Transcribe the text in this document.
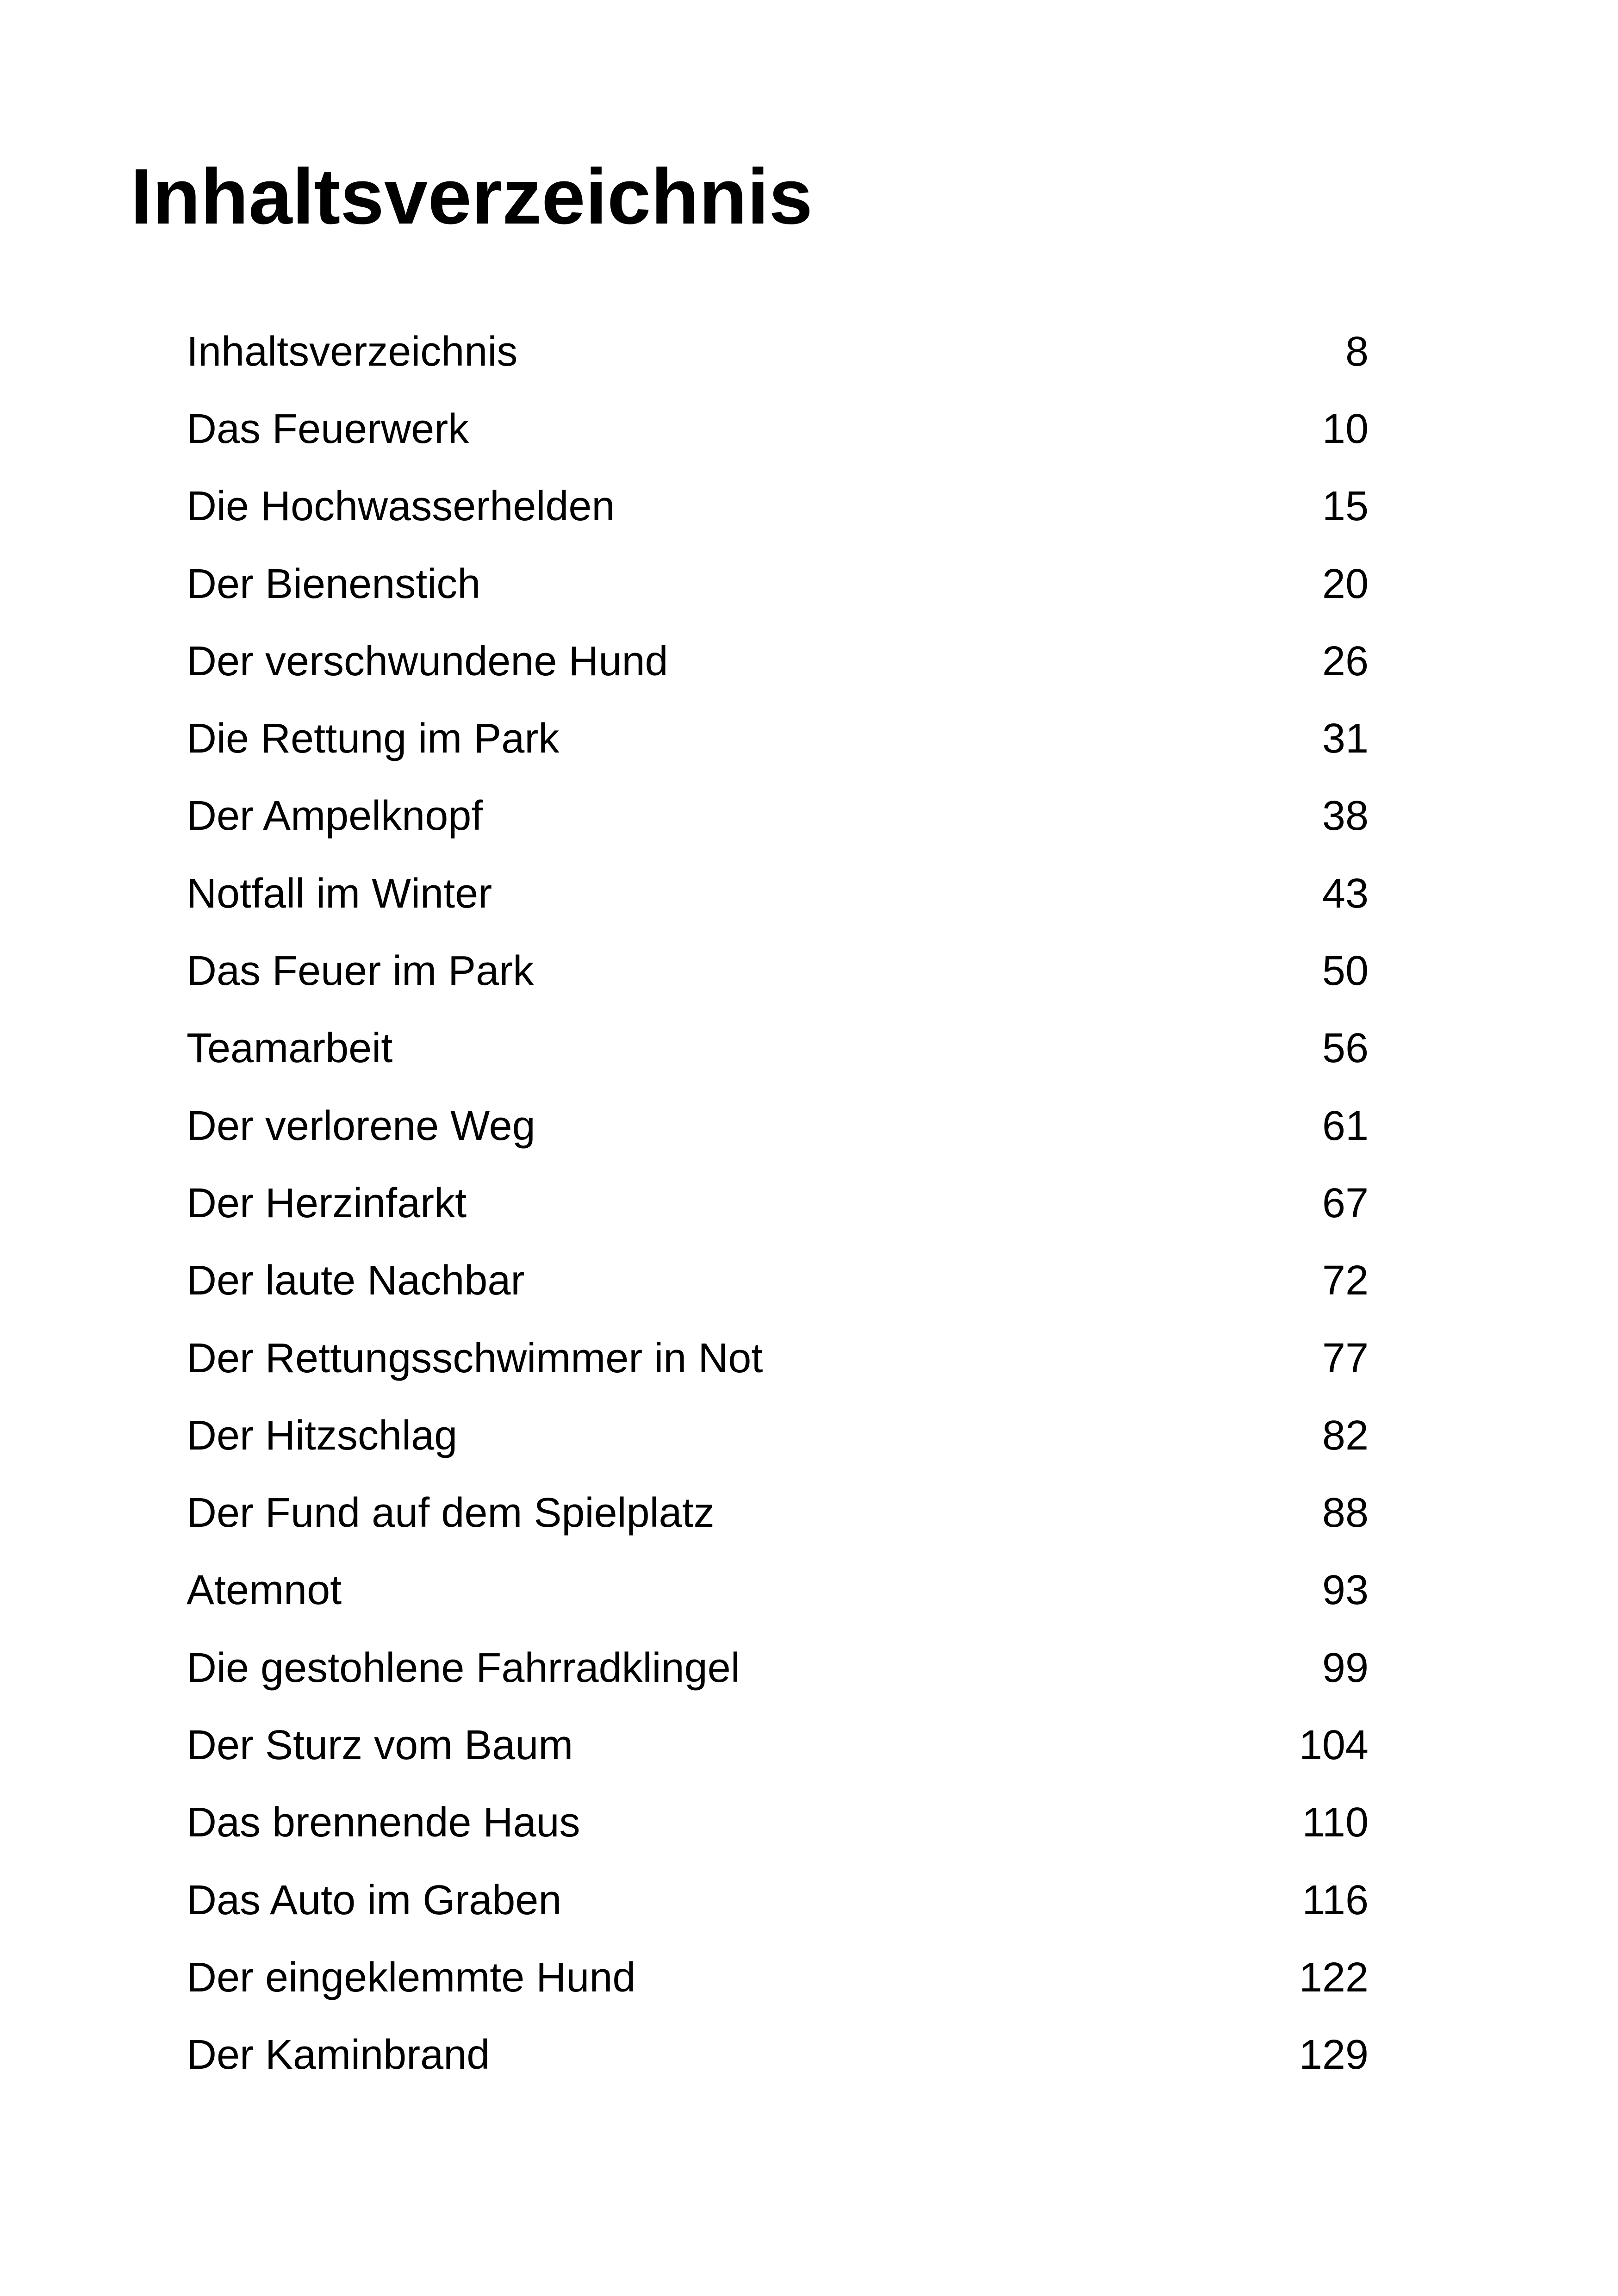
Inhaltsverzeichnis
Inhaltsverzeichnis	8
Das Feuerwerk	10
Die Hochwasserhelden	15
Der Bienenstich	20
Der verschwundene Hund	26
Die Rettung im Park	31
Der Ampelknopf	38
Notfall im Winter	43
Das Feuer im Park	50
Teamarbeit	56
Der verlorene Weg	61
Der Herzinfarkt	67
Der laute Nachbar	72
Der Rettungsschwimmer in Not	77
Der Hitzschlag	82
Der Fund auf dem Spielplatz	88
Atemnot	93
Die gestohlene Fahrradklingel	99
Der Sturz vom Baum	104
Das brennende Haus	110
Das Auto im Graben	116
Der eingeklemmte Hund	122
Der Kaminbrand	129
